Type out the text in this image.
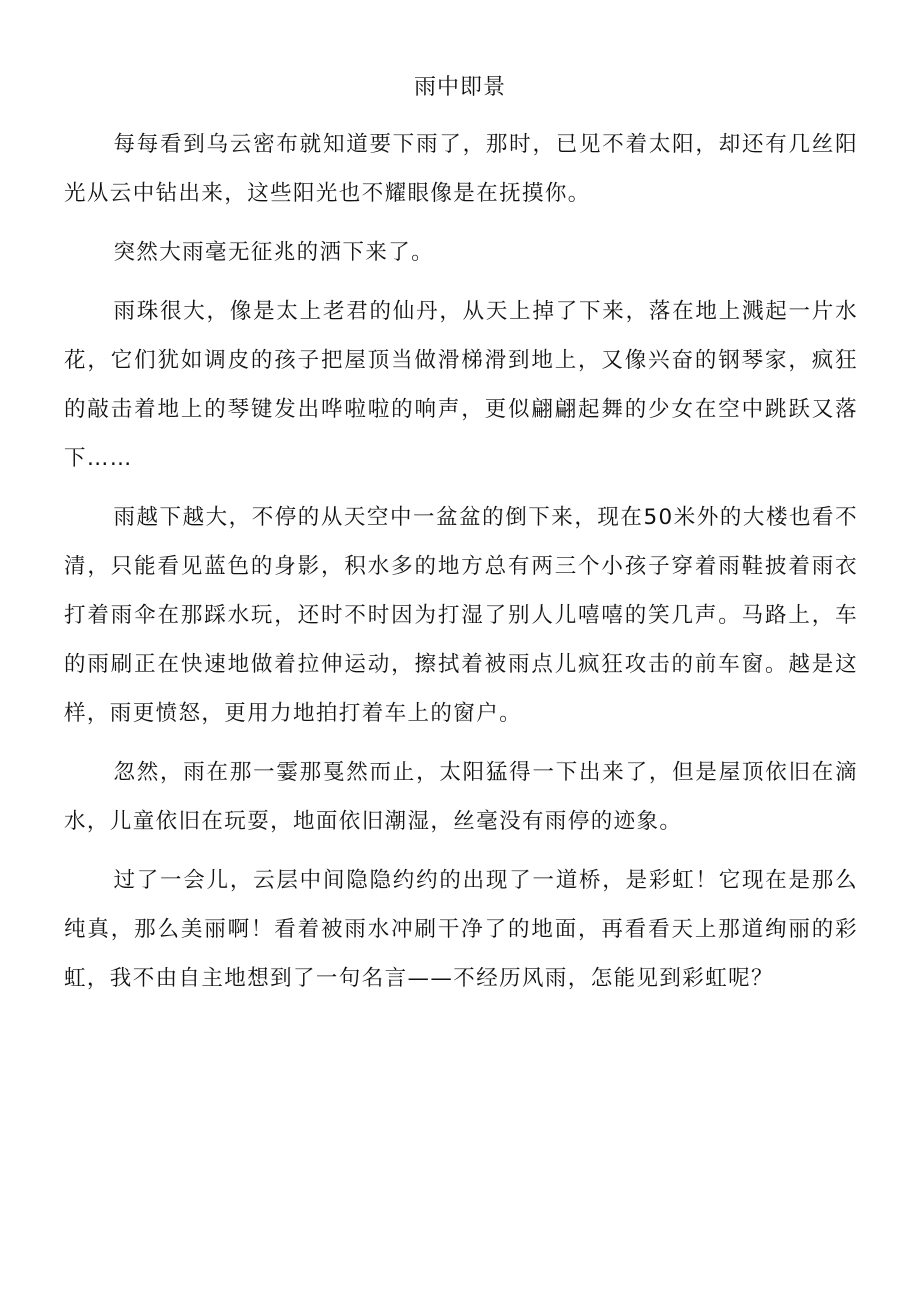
雨中即景

每每看到乌云密布就知道要下雨了，那时，已见不着太阳，却还有几丝阳光从云中钻出来，这些阳光也不耀眼像是在抚摸你。

突然大雨毫无征兆的洒下来了。

雨珠很大，像是太上老君的仙丹，从天上掉了下来，落在地上溅起一片水花，它们犹如调皮的孩子把屋顶当做滑梯滑到地上，又像兴奋的钢琴家，疯狂的敲击着地上的琴键发出哗啦啦的响声，更似翩翩起舞的少女在空中跳跃又落下……

雨越下越大，不停的从天空中一盆盆的倒下来，现在50米外的大楼也看不清，只能看见蓝色的身影，积水多的地方总有两三个小孩子穿着雨鞋披着雨衣打着雨伞在那踩水玩，还时不时因为打湿了别人儿嘻嘻的笑几声。马路上，车的雨刷正在快速地做着拉伸运动，擦拭着被雨点儿疯狂攻击的前车窗。越是这样，雨更愤怒，更用力地拍打着车上的窗户。

忽然，雨在那一霎那戛然而止，太阳猛得一下出来了，但是屋顶依旧在滴水，儿童依旧在玩耍，地面依旧潮湿，丝毫没有雨停的迹象。

过了一会儿，云层中间隐隐约约的出现了一道桥，是彩虹！它现在是那么纯真，那么美丽啊！看着被雨水冲刷干净了的地面，再看看天上那道绚丽的彩虹，我不由自主地想到了一句名言——不经历风雨，怎能见到彩虹呢？
